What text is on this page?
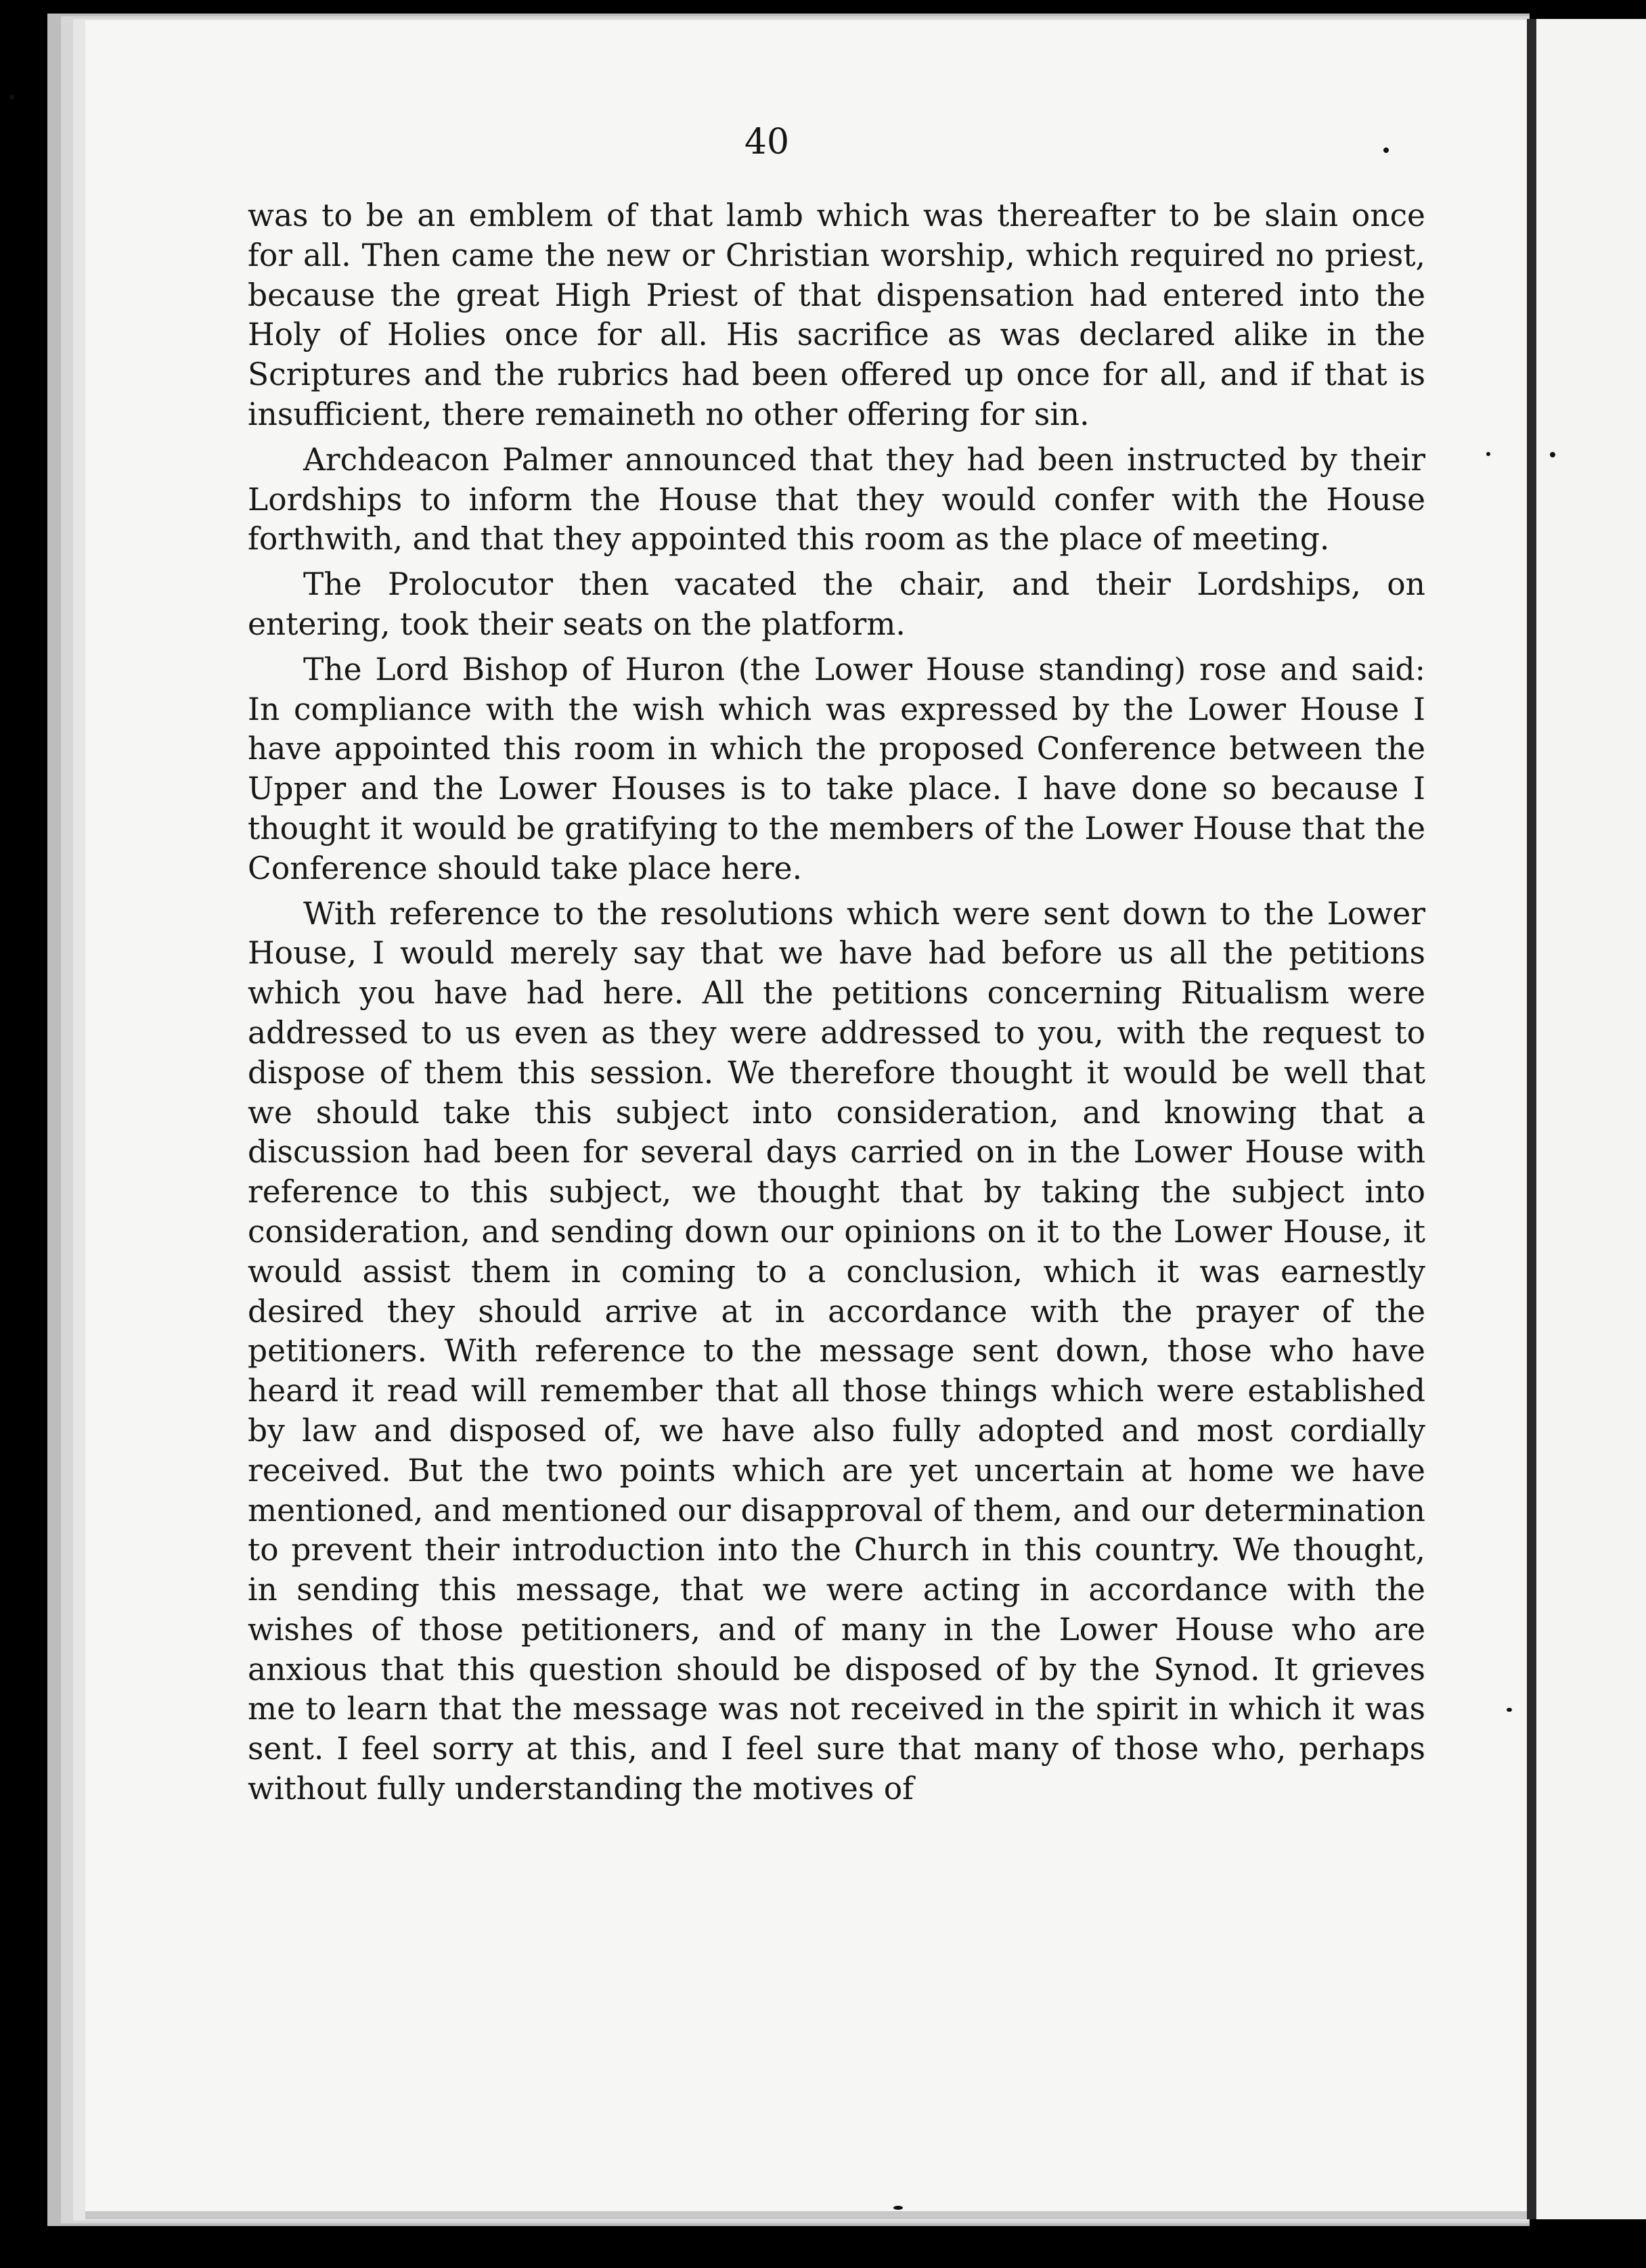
40

was to be an emblem of that lamb which was thereafter to be slain once for all. Then came the new or Christian worship, which required no priest, because the great High Priest of that dispensation had entered into the Holy of Holies once for all. His sacrifice as was declared alike in the Scriptures and the rubrics had been offered up once for all, and if that is insufficient, there remaineth no other offering for sin.

Archdeacon Palmer announced that they had been instructed by their Lordships to inform the House that they would confer with the House forthwith, and that they appointed this room as the place of meeting.

The Prolocutor then vacated the chair, and their Lordships, on entering, took their seats on the platform.

The Lord Bishop of Huron (the Lower House standing) rose and said: In compliance with the wish which was expressed by the Lower House I have appointed this room in which the proposed Conference between the Upper and the Lower Houses is to take place. I have done so because I thought it would be gratifying to the members of the Lower House that the Conference should take place here.

With reference to the resolutions which were sent down to the Lower House, I would merely say that we have had before us all the petitions which you have had here. All the petitions concerning Ritualism were addressed to us even as they were addressed to you, with the request to dispose of them this session. We therefore thought it would be well that we should take this subject into consideration, and knowing that a discussion had been for several days carried on in the Lower House with reference to this subject, we thought that by taking the subject into consideration, and sending down our opinions on it to the Lower House, it would assist them in coming to a conclusion, which it was earnestly desired they should arrive at in accordance with the prayer of the petitioners. With reference to the message sent down, those who have heard it read will remember that all those things which were established by law and disposed of, we have also fully adopted and most cordially received. But the two points which are yet uncertain at home we have mentioned, and mentioned our disapproval of them, and our determination to prevent their introduction into the Church in this country. We thought, in sending this message, that we were acting in accordance with the wishes of those petitioners, and of many in the Lower House who are anxious that this question should be disposed of by the Synod. It grieves me to learn that the message was not received in the spirit in which it was sent. I feel sorry at this, and I feel sure that many of those who, perhaps without fully understanding the motives of
